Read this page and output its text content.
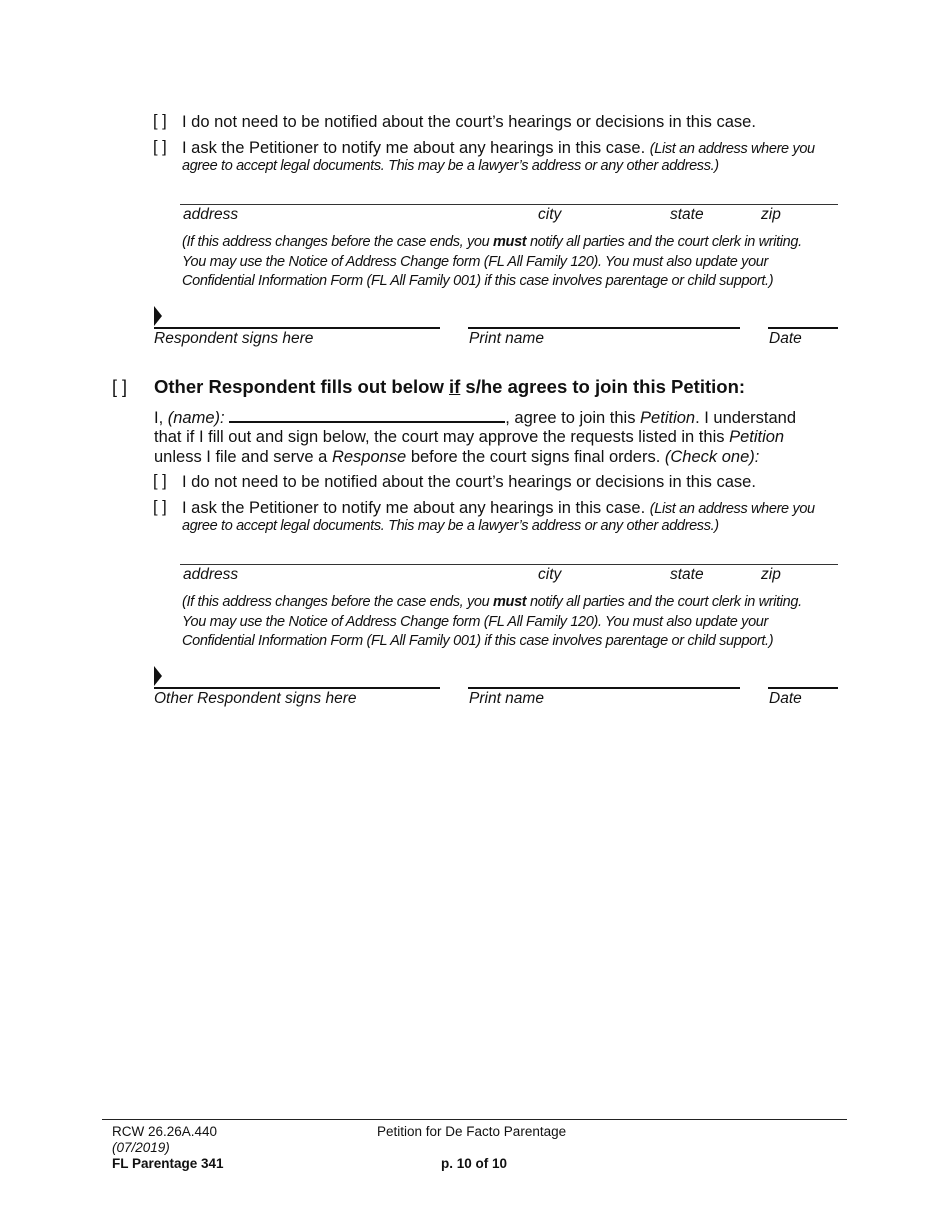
[ ] I do not need to be notified about the court’s hearings or decisions in this case.
[ ] I ask the Petitioner to notify me about any hearings in this case. (List an address where you
agree to accept legal documents. This may be a lawyer’s address or any other address.)
address	city	state	zip
(If this address changes before the case ends, you must notify all parties and the court clerk in writing.
You may use the Notice of Address Change form (FL All Family 120). You must also update your
Confidential Information Form (FL All Family 001) if this case involves parentage or child support.)
Respondent signs here	Print name	Date
[ ] Other Respondent fills out below if s/he agrees to join this Petition:
I, (name):	, agree to join this Petition. I understand
that if I fill out and sign below, the court may approve the requests listed in this Petition
unless I file and serve a Response before the court signs final orders. (Check one):
[ ] I do not need to be notified about the court’s hearings or decisions in this case.
[ ] I ask the Petitioner to notify me about any hearings in this case. (List an address where you
agree to accept legal documents. This may be a lawyer’s address or any other address.)
address	city	state	zip
(If this address changes before the case ends, you must notify all parties and the court clerk in writing.
You may use the Notice of Address Change form (FL All Family 120). You must also update your
Confidential Information Form (FL All Family 001) if this case involves parentage or child support.)
Other Respondent signs here	Print name	Date
RCW 26.26A.440
(07/2019)
FL Parentage 341
Petition for De Facto Parentage
p. 10 of 10
